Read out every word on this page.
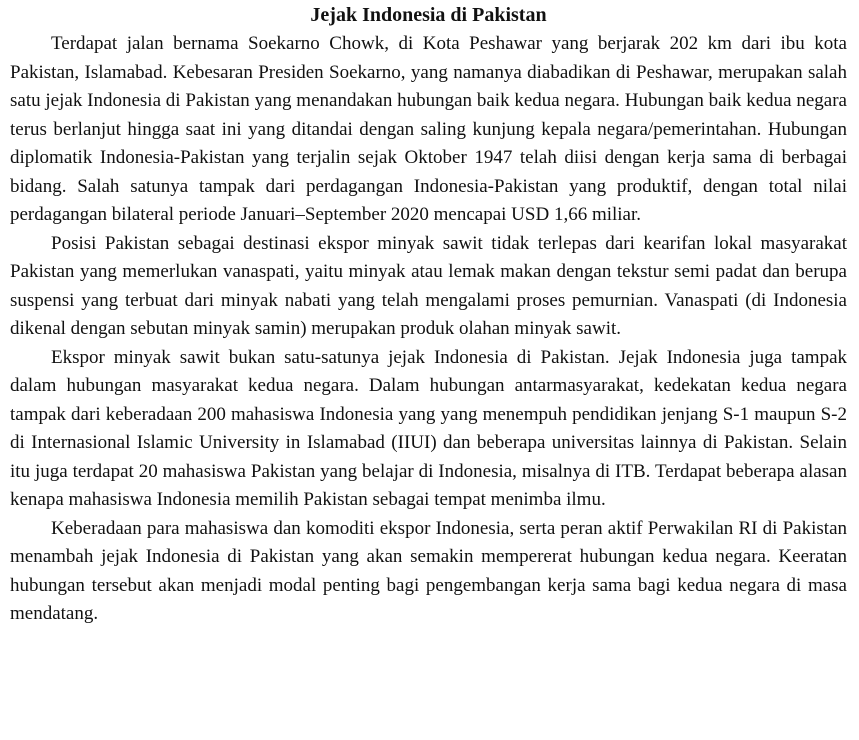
Jejak Indonesia di Pakistan

Terdapat jalan bernama Soekarno Chowk, di Kota Peshawar yang berjarak 202 km dari ibu kota Pakistan, Islamabad. Kebesaran Presiden Soekarno, yang namanya diabadikan di Peshawar, merupakan salah satu jejak Indonesia di Pakistan yang menandakan hubungan baik kedua negara. Hubungan baik kedua negara terus berlanjut hingga saat ini yang ditandai dengan saling kunjung kepala negara/pemerintahan. Hubungan diplomatik Indonesia-Pakistan yang terjalin sejak Oktober 1947 telah diisi dengan kerja sama di berbagai bidang. Salah satunya tampak dari perdagangan Indonesia-Pakistan yang produktif, dengan total nilai perdagangan bilateral periode Januari–September 2020 mencapai USD 1,66 miliar.

Posisi Pakistan sebagai destinasi ekspor minyak sawit tidak terlepas dari kearifan lokal masyarakat Pakistan yang memerlukan vanaspati, yaitu minyak atau lemak makan dengan tekstur semi padat dan berupa suspensi yang terbuat dari minyak nabati yang telah mengalami proses pemurnian. Vanaspati (di Indonesia dikenal dengan sebutan minyak samin) merupakan produk olahan minyak sawit.

Ekspor minyak sawit bukan satu-satunya jejak Indonesia di Pakistan. Jejak Indonesia juga tampak dalam hubungan masyarakat kedua negara. Dalam hubungan antarmasyarakat, kedekatan kedua negara tampak dari keberadaan 200 mahasiswa Indonesia yang yang menempuh pendidikan jenjang S-1 maupun S-2 di Internasional Islamic University in Islamabad (IIUI) dan beberapa universitas lainnya di Pakistan. Selain itu juga terdapat 20 mahasiswa Pakistan yang belajar di Indonesia, misalnya di ITB. Terdapat beberapa alasan kenapa mahasiswa Indonesia memilih Pakistan sebagai tempat menimba ilmu.

Keberadaan para mahasiswa dan komoditi ekspor Indonesia, serta peran aktif Perwakilan RI di Pakistan menambah jejak Indonesia di Pakistan yang akan semakin mempererat hubungan kedua negara. Keeratan hubungan tersebut akan menjadi modal penting bagi pengembangan kerja sama bagi kedua negara di masa mendatang.
